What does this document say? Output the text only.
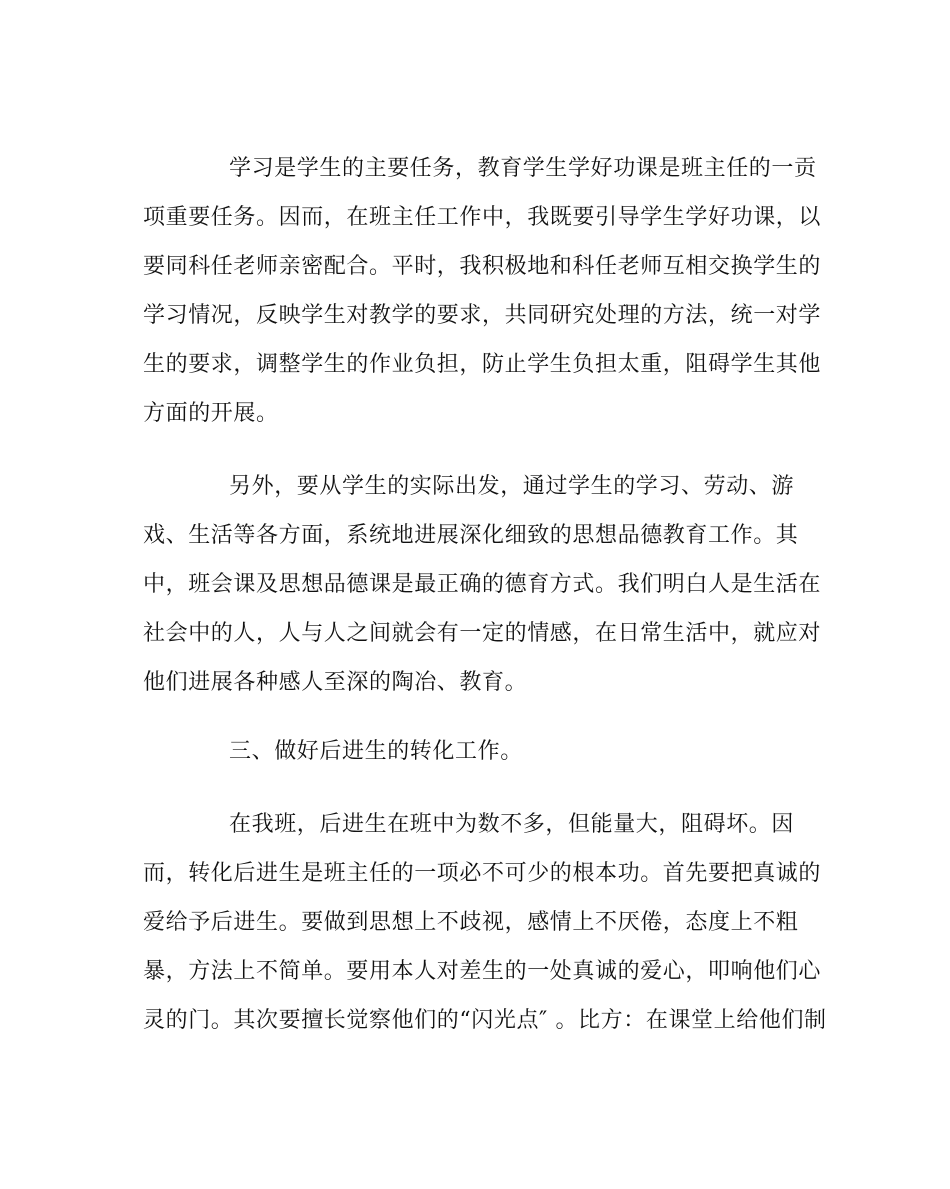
学习是学生的主要任务，教育学生学好功课是班主任的一贡
项重要任务。因而，在班主任工作中，我既要引导学生学好功课，以
要同科任老师亲密配合。平时，我积极地和科任老师互相交换学生的
学习情况，反映学生对教学的要求，共同研究处理的方法，统一对学
生的要求，调整学生的作业负担，防止学生负担太重，阻碍学生其他
方面的开展。
另外，要从学生的实际出发，通过学生的学习、劳动、游
戏、生活等各方面，系统地进展深化细致的思想品德教育工作。其
中，班会课及思想品德课是最正确的德育方式。我们明白人是生活在
社会中的人，人与人之间就会有一定的情感，在日常生活中，就应对
他们进展各种感人至深的陶冶、教育。
三、做好后进生的转化工作。
在我班，后进生在班中为数不多，但能量大，阻碍坏。因
而，转化后进生是班主任的一项必不可少的根本功。首先要把真诚的
爱给予后进生。要做到思想上不歧视，感情上不厌倦，态度上不粗
暴，方法上不简单。要用本人对差生的一处真诚的爱心，叩响他们心
灵的门。其次要擅长觉察他们的“闪光点″ 。比方：在课堂上给他们制
